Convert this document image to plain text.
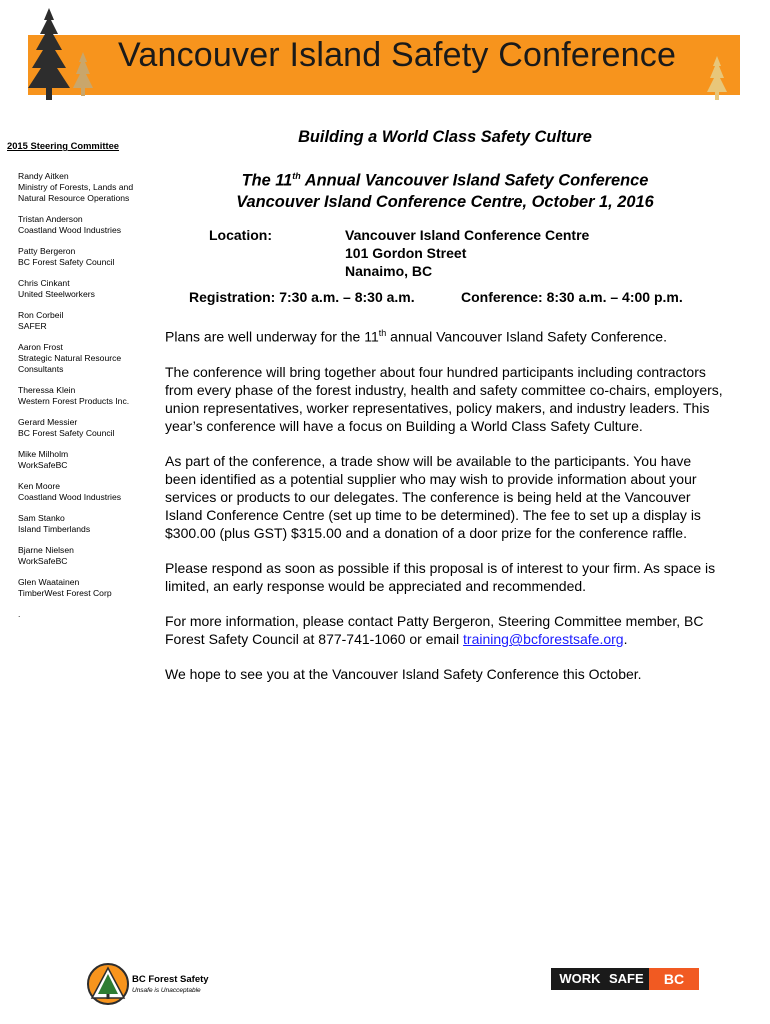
Vancouver Island Safety Conference
2015 Steering Committee
Randy Aitken
Ministry of Forests, Lands and Natural Resource Operations
Tristan Anderson
Coastland Wood Industries
Patty Bergeron
BC Forest Safety Council
Chris Cinkant
United Steelworkers
Ron Corbeil
SAFER
Aaron Frost
Strategic Natural Resource Consultants
Theressa Klein
Western Forest Products Inc.
Gerard Messier
BC Forest Safety Council
Mike Milholm
WorkSafeBC
Ken Moore
Coastland Wood Industries
Sam Stanko
Island Timberlands
Bjarne Nielsen
WorkSafeBC
Glen Waatainen
TimberWest Forest Corp
.
Building a World Class Safety Culture
The 11th Annual Vancouver Island Safety Conference
Vancouver Island Conference Centre, October 1, 2016
Location:	Vancouver Island Conference Centre
101 Gordon Street
Nanaimo, BC
Registration: 7:30 a.m. – 8:30 a.m.	Conference: 8:30 a.m. – 4:00 p.m.

Plans are well underway for the 11th annual Vancouver Island Safety Conference.

The conference will bring together about four hundred participants including contractors from every phase of the forest industry, health and safety committee co-chairs, employers, union representatives, worker representatives, policy makers, and industry leaders. This year’s conference will have a focus on Building a World Class Safety Culture.

As part of the conference, a trade show will be available to the participants. You have been identified as a potential supplier who may wish to provide information about your services or products to our delegates. The conference is being held at the Vancouver Island Conference Centre (set up time to be determined). The fee to set up a display is $300.00 (plus GST) $315.00 and a donation of a door prize for the conference raffle.

Please respond as soon as possible if this proposal is of interest to your firm. As space is limited, an early response would be appreciated and recommended.

For more information, please contact Patty Bergeron, Steering Committee member, BC Forest Safety Council at 877-741-1060 or email training@bcforestsafe.org.

We hope to see you at the Vancouver Island Safety Conference this October.

BC Forest Safety
Unsafe is Unacceptable
WORK SAFE	BC
